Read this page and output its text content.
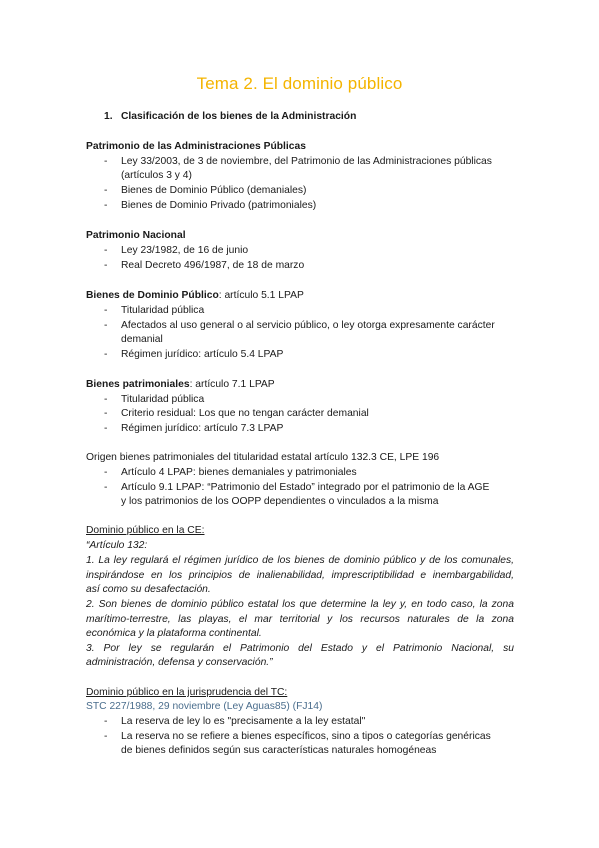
Tema 2. El dominio público
1. Clasificación de los bienes de la Administración
Patrimonio de las Administraciones Públicas
- Ley 33/2003, de 3 de noviembre, del Patrimonio de las Administraciones públicas
(artículos 3 y 4)
- Bienes de Dominio Público (demaniales)
- Bienes de Dominio Privado (patrimoniales)
Patrimonio Nacional
- Ley 23/1982, de 16 de junio
- Real Decreto 496/1987, de 18 de marzo
Bienes de Dominio Público: artículo 5.1 LPAP
- Titularidad pública
- Afectados al uso general o al servicio público, o ley otorga expresamente carácter
demanial
- Régimen jurídico: artículo 5.4 LPAP
Bienes patrimoniales: artículo 7.1 LPAP
- Titularidad pública
- Criterio residual: Los que no tengan carácter demanial
- Régimen jurídico: artículo 7.3 LPAP
Origen bienes patrimoniales del titularidad estatal artículo 132.3 CE, LPE 196
- Artículo 4 LPAP: bienes demaniales y patrimoniales
- Artículo 9.1 LPAP: “Patrimonio del Estado” integrado por el patrimonio de la AGE
y los patrimonios de los OOPP dependientes o vinculados a la misma
Dominio público en la CE:
“Artículo 132:
1. La ley regulará el régimen jurídico de los bienes de dominio público y de los comunales,
inspirándose en los principios de inalienabilidad, imprescriptibilidad e inembargabilidad,
así como su desafectación.
2. Son bienes de dominio público estatal los que determine la ley y, en todo caso, la zona
marítimo-terrestre, las playas, el mar territorial y los recursos naturales de la zona
económica y la plataforma continental.
3. Por ley se regularán el Patrimonio del Estado y el Patrimonio Nacional, su
administración, defensa y conservación.”
Dominio público en la jurisprudencia del TC:
STC 227/1988, 29 noviembre (Ley Aguas85) (FJ14)
- La reserva de ley lo es "precisamente a la ley estatal"
- La reserva no se refiere a bienes específicos, sino a tipos o categorías genéricas
de bienes definidos según sus características naturales homogéneas
